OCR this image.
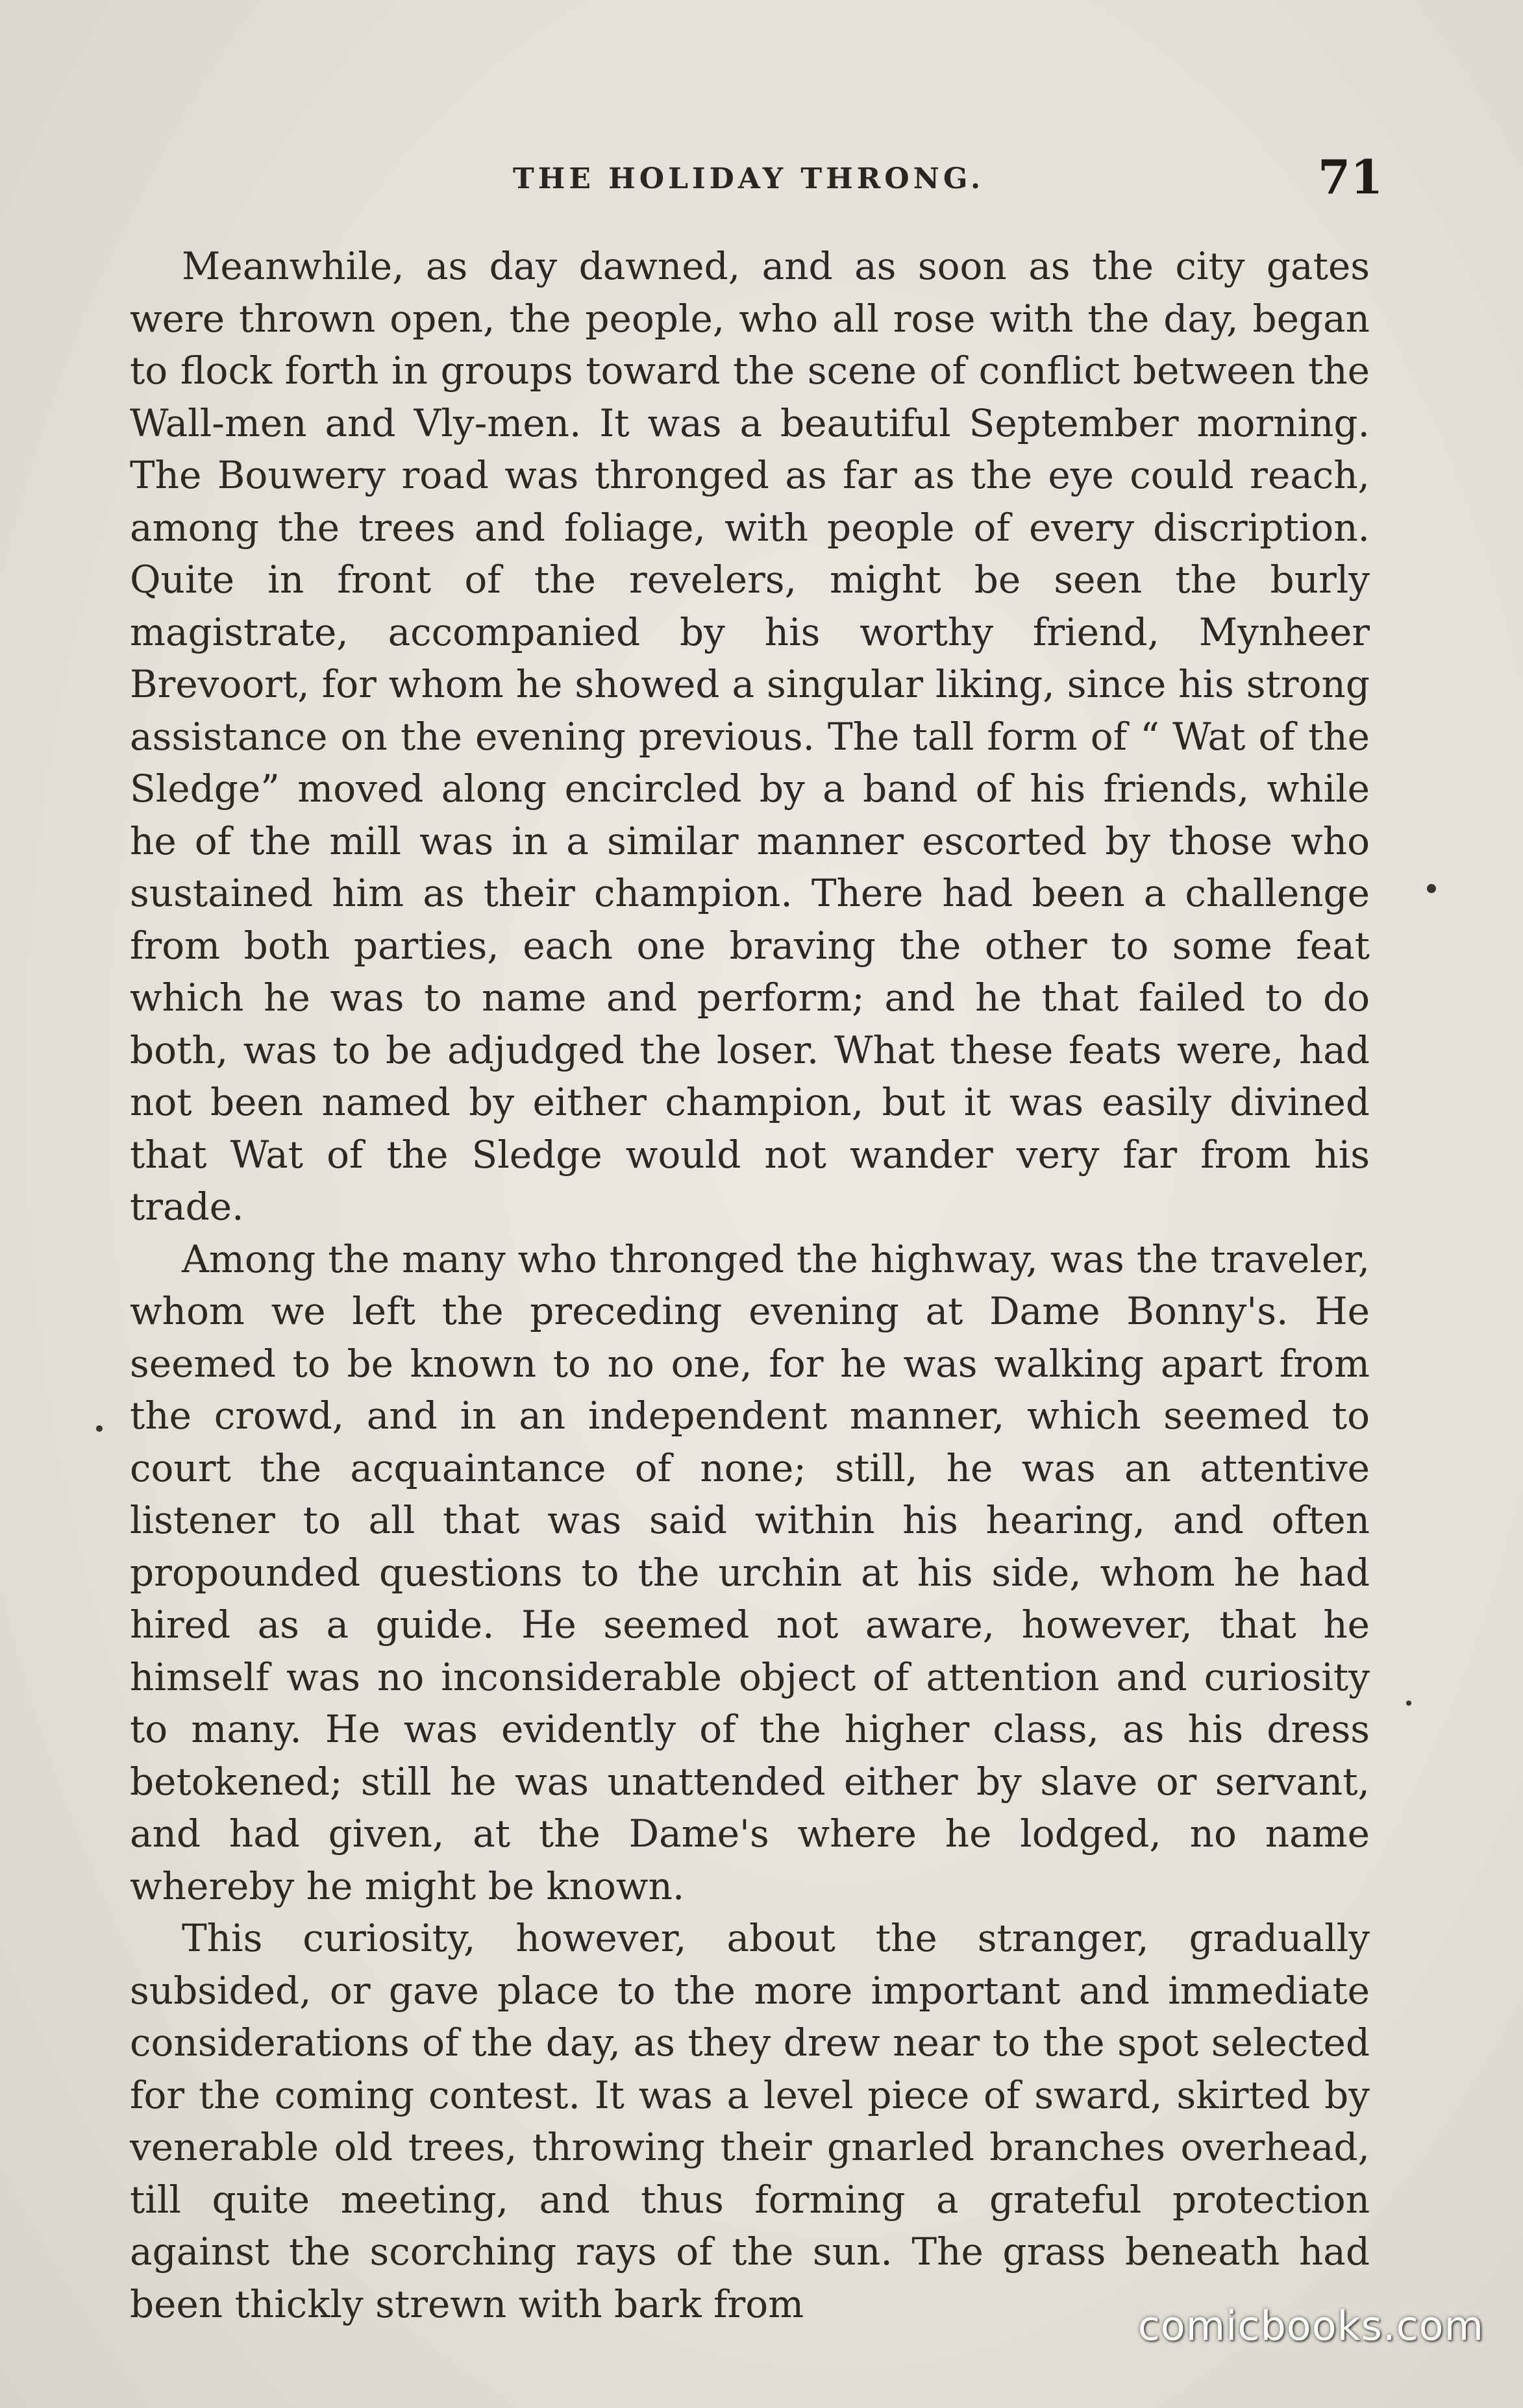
THE HOLIDAY THRONG.	71

Meanwhile, as day dawned, and as soon as the city gates were thrown open, the people, who all rose with the day, began to flock forth in groups toward the scene of conflict between the Wall-men and Vly-men. It was a beautiful September morning. The Bouwery road was thronged as far as the eye could reach, among the trees and foliage, with people of every discription. Quite in front of the revelers, might be seen the burly magistrate, accompanied by his worthy friend, Mynheer Brevoort, for whom he showed a singular liking, since his strong assistance on the evening previous. The tall form of “ Wat of the Sledge” moved along encircled by a band of his friends, while he of the mill was in a similar manner escorted by those who sustained him as their champion. There had been a challenge from both parties, each one braving the other to some feat which he was to name and perform; and he that failed to do both, was to be adjudged the loser. What these feats were, had not been named by either champion, but it was easily divined that Wat of the Sledge would not wander very far from his trade.

Among the many who thronged the highway, was the traveler, whom we left the preceding evening at Dame Bonny's. He seemed to be known to no one, for he was walking apart from the crowd, and in an independent manner, which seemed to court the acquaintance of none; still, he was an attentive listener to all that was said within his hearing, and often propounded questions to the urchin at his side, whom he had hired as a guide. He seemed not aware, however, that he himself was no inconsiderable object of attention and curiosity to many. He was evidently of the higher class, as his dress betokened; still he was unattended either by slave or servant, and had given, at the Dame's where he lodged, no name whereby he might be known.

This curiosity, however, about the stranger, gradually subsided, or gave place to the more important and immediate considerations of the day, as they drew near to the spot selected for the coming contest. It was a level piece of sward, skirted by venerable old trees, throwing their gnarled branches overhead, till quite meeting, and thus forming a grateful protection against the scorching rays of the sun. The grass beneath had been thickly strewn with bark from	comicbooks.com
